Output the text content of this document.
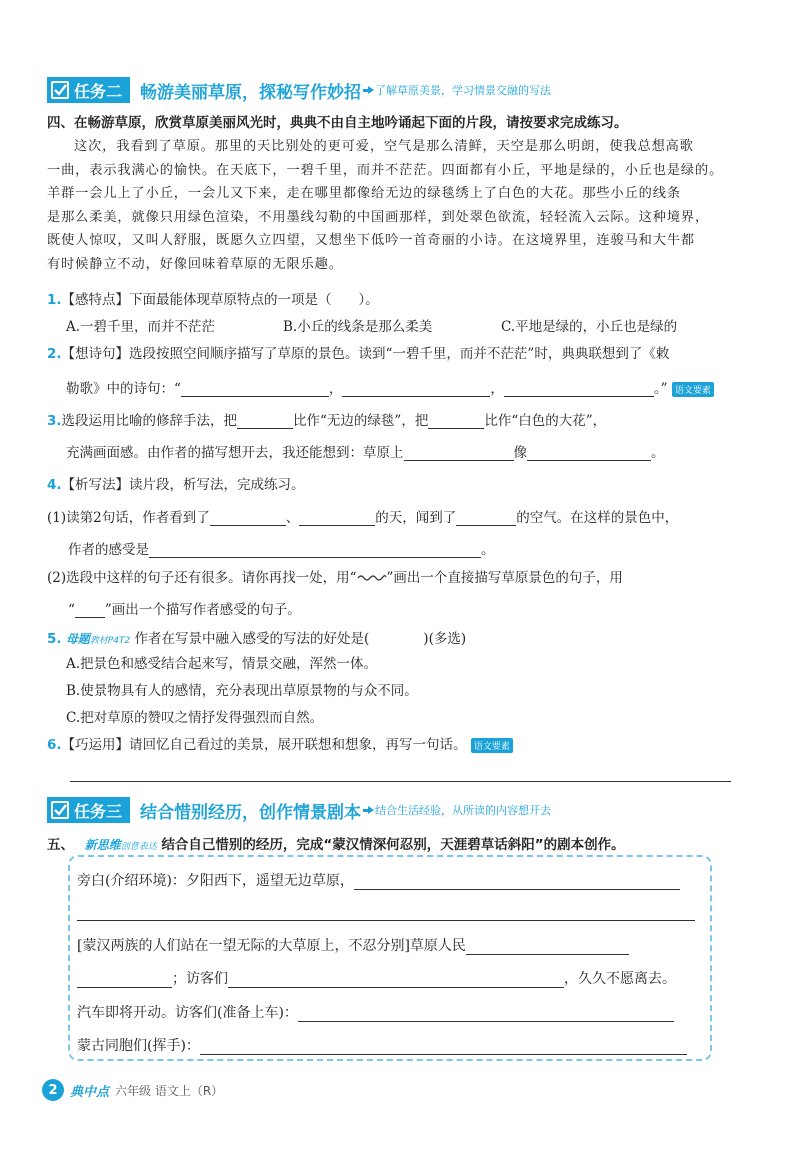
任务二 畅游美丽草原，探秘写作妙招 了解草原美景，学习情景交融的写法
四、在畅游草原，欣赏草原美丽风光时，典典不由自主地吟诵起下面的片段，请按要求完成练习。
这次，我看到了草原。那里的天比别处的更可爱，空气是那么清鲜，天空是那么明朗，使我总想高歌
一曲，表示我满心的愉快。在天底下，一碧千里，而并不茫茫。四面都有小丘，平地是绿的，小丘也是绿的。
羊群一会儿上了小丘，一会儿又下来，走在哪里都像给无边的绿毯绣上了白色的大花。那些小丘的线条
是那么柔美，就像只用绿色渲染，不用墨线勾勒的中国画那样，到处翠色欲流，轻轻流入云际。这种境界，
既使人惊叹，又叫人舒服，既愿久立四望，又想坐下低吟一首奇丽的小诗。在这境界里，连骏马和大牛都
有时候静立不动，好像回味着草原的无限乐趣。
1.【感特点】下面最能体现草原特点的一项是（　　）。
A.一碧千里，而并不茫茫	B.小丘的线条是那么柔美	C.平地是绿的，小丘也是绿的
2.【想诗句】选段按照空间顺序描写了草原的景色。读到“一碧千里，而并不茫茫”时，典典联想到了《敕
勒歌》中的诗句：“	，	，	。” 语文要素
3.选段运用比喻的修辞手法，把	比作“无边的绿毯”，把	比作“白色的大花”，
充满画面感。由作者的描写想开去，我还能想到：草原上	像	。
4.【析写法】读片段，析写法，完成练习。
(1)读第2句话，作者看到了	、	的天，闻到了	的空气。在这样的景色中，
作者的感受是	。
(2)选段中这样的句子还有很多。请你再找一处，用“ ”画出一个直接描写草原景色的句子，用
“ ”画出一个描写作者感受的句子。
5. 母题教材P4T2 作者在写景中融入感受的写法的好处是(　　　　)(多选)
A.把景色和感受结合起来写，情景交融，浑然一体。
B.使景物具有人的感情，充分表现出草原景物的与众不同。
C.把对草原的赞叹之情抒发得强烈而自然。
6.【巧运用】请回忆自己看过的美景，展开联想和想象，再写一句话。 语文要素
任务三 结合惜别经历，创作情景剧本 结合生活经验，从所读的内容想开去
五、 新思维创意表达 结合自己惜别的经历，完成“蒙汉情深何忍别，天涯碧草话斜阳”的剧本创作。
旁白(介绍环境)：夕阳西下，遥望无边草原，
[蒙汉两族的人们站在一望无际的大草原上，不忍分别]草原人民
；访客们	，久久不愿离去。
汽车即将开动。访客们(准备上车)：
蒙古同胞们(挥手)：
2 典中点 六年级 语文上（R）
